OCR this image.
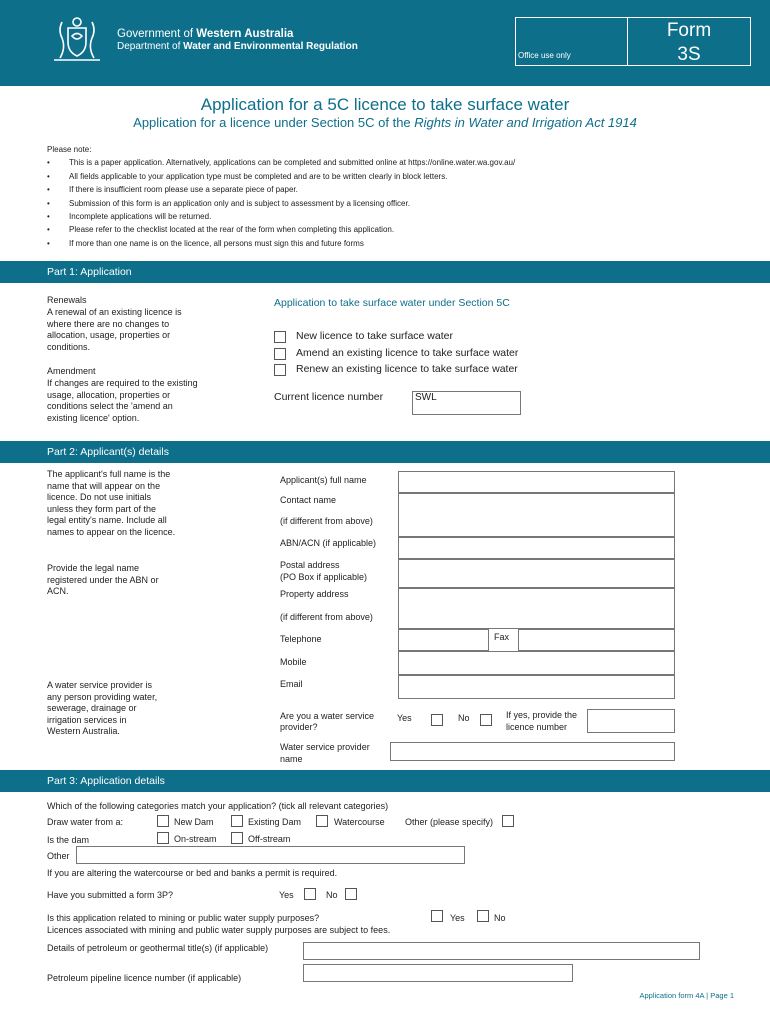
Government of Western Australia
Department of Water and Environmental Regulation
Office use only
Form
3S
Application for a 5C licence to take surface water
Application for a licence under Section 5C of the Rights in Water and Irrigation Act 1914
Please note:
• This is a paper application. Alternatively, applications can be completed and submitted online at https://online.water.wa.gov.au/
• All fields applicable to your application type must be completed and are to be written clearly in block letters.
• If there is insufficient room please use a separate piece of paper.
• Submission of this form is an application only and is subject to assessment by a licensing officer.
• Incomplete applications will be returned.
• Please refer to the checklist located at the rear of the form when completing this application.
• If more than one name is on the licence, all persons must sign this and future forms
Part 1: Application
Renewals
A renewal of an existing licence is where there are no changes to allocation, usage, properties or conditions.
Amendment
If changes are required to the existing usage, allocation, properties or conditions select the 'amend an existing licence' option.
Application to take surface water under Section 5C
New licence to take surface water
Amend an existing licence to take surface water
Renew an existing licence to take surface water
Current licence number	SWL
Part 2: Applicant(s) details
The applicant's full name is the name that will appear on the licence. Do not use initials unless they form part of the legal entity's name. Include all names to appear on the licence.
Provide the legal name registered under the ABN or ACN.
A water service provider is any person providing water, sewerage, drainage or irrigation services in Western Australia.
Applicant(s) full name
Contact name
(if different from above)
ABN/ACN (if applicable)
Postal address
(PO Box if applicable)
Property address
(if different from above)
Telephone	Fax
Mobile
Email
Are you a water service
provider?
Yes	No	If yes, provide the
licence number
Water service provider
name
Part 3: Application details
Which of the following categories match your application? (tick all relevant categories)
Draw water from a:	New Dam	Existing Dam	Watercourse Other (please specify)
Is the dam	On-stream	Off-stream
Other
If you are altering the watercourse or bed and banks a permit is required.
Have you submitted a form 3P?	Yes	No
Is this application related to mining or public water supply purposes?	Yes	No
Licences associated with mining and public water supply purposes are subject to fees.
Details of petroleum or geothermal title(s) (if applicable)
Petroleum pipeline licence number (if applicable)
Application form 4A | Page 1
